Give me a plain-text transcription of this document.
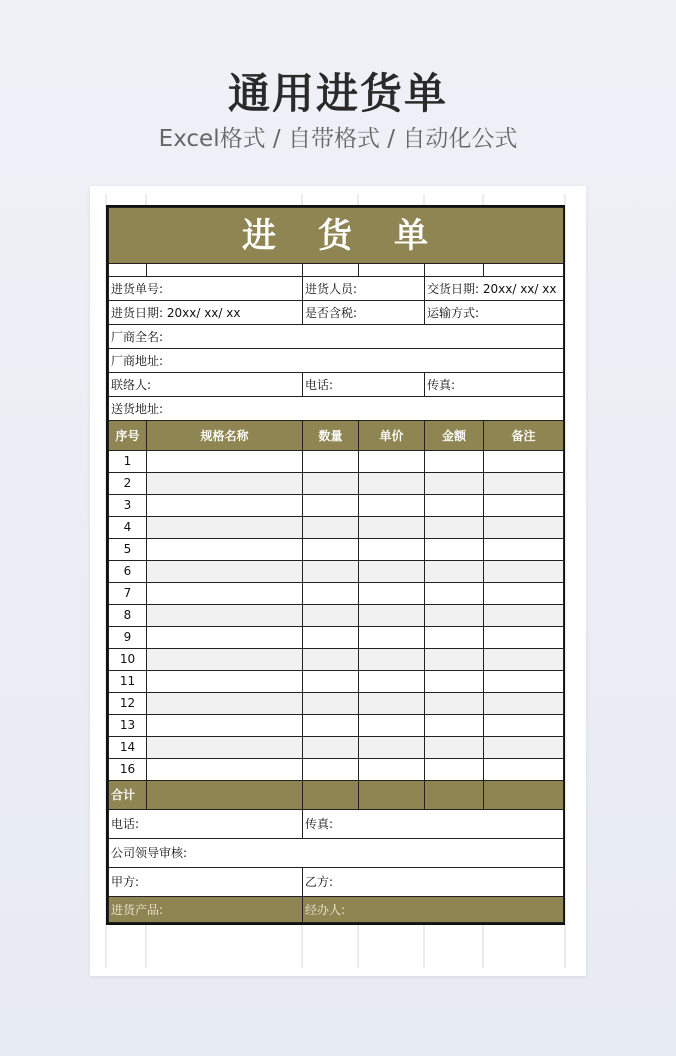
通用进货单
Excel格式 / 自带格式 / 自动化公式
进货单					

进货单号:		进货人员:		交货日期: 20xx/ xx/ xx	
进货日期: 20xx/ xx/ xx		是否含税:		运输方式:	
厂商全名:					
厂商地址:					
联络人:		电话:		传真:	
送货地址:					
序号	规格名称	数量	单价	金额	备注
1					
2					
3					
4					
5					
6					
7					
8					
9					
10					
11					
12					
13					
14					
16					
合计					
电话:		传真:			
公司领导审核:					
甲方:		乙方:			
进货产品:		经办人:			
